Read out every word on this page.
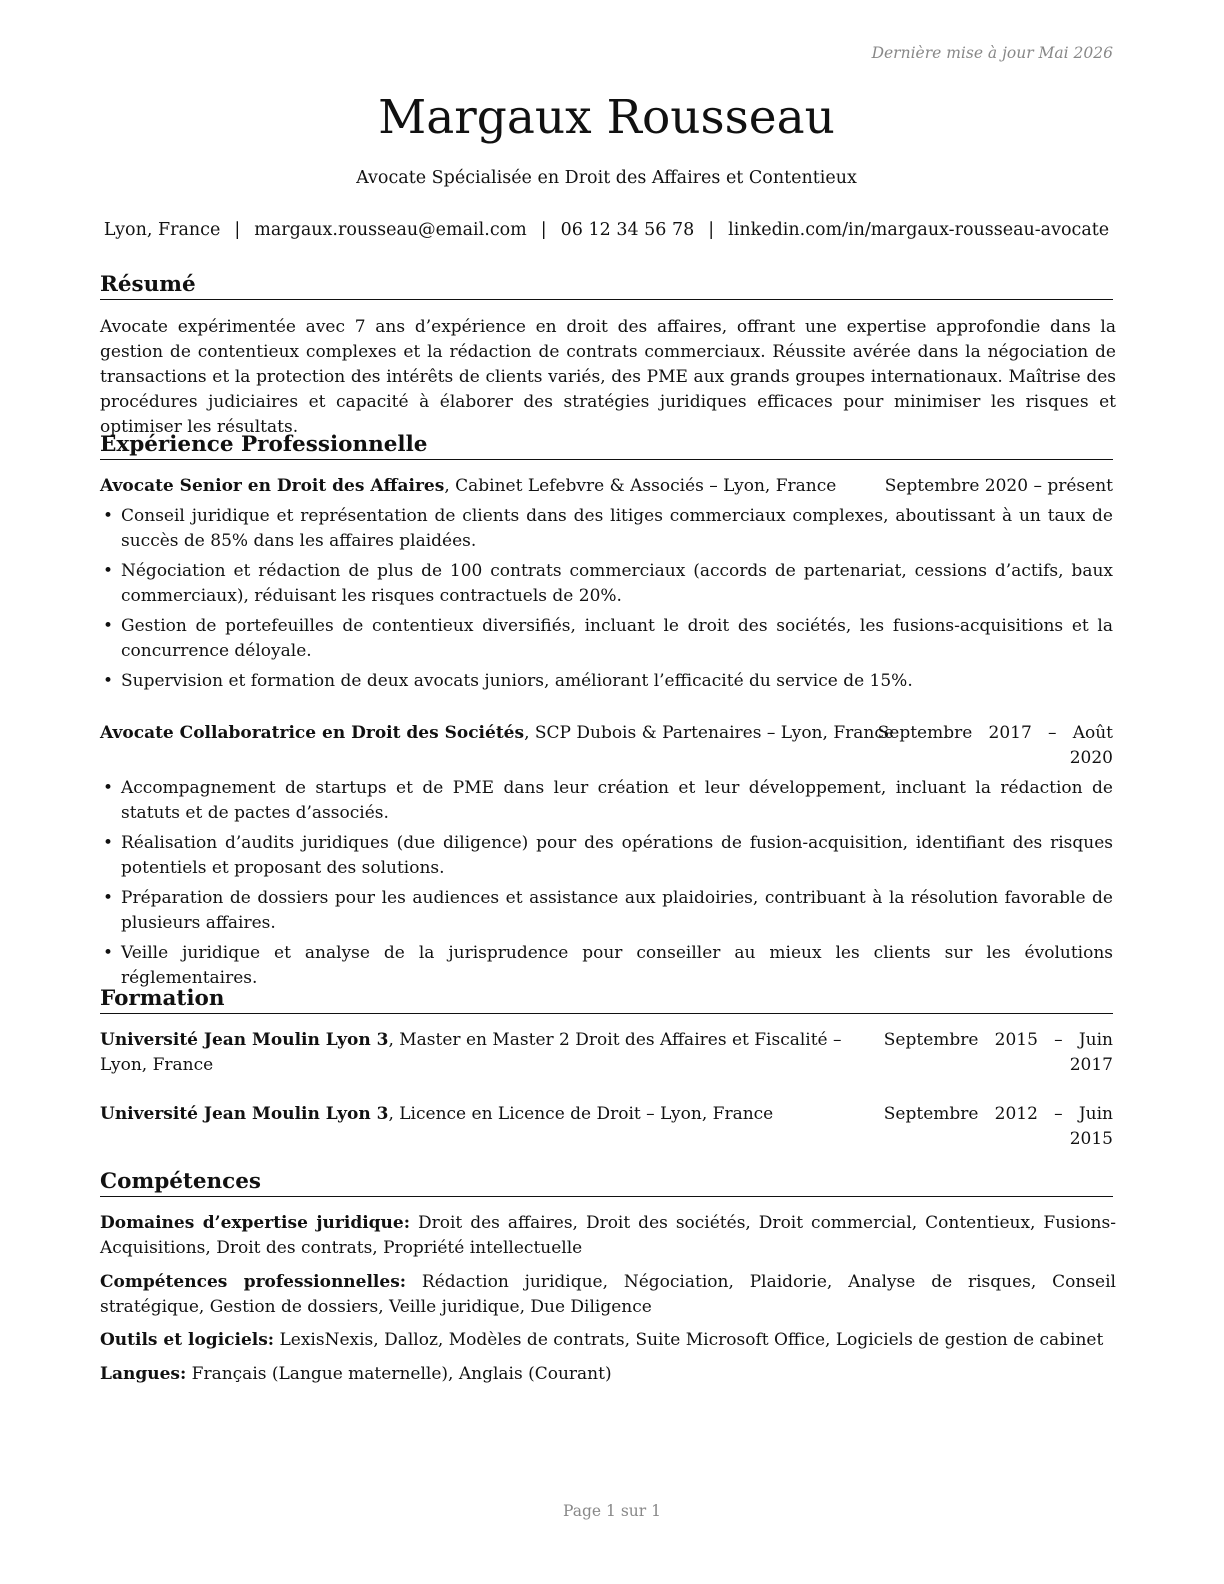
Dernière mise à jour Mai 2026
Margaux Rousseau
Avocate Spécialisée en Droit des Affaires et Contentieux
Lyon, France | margaux.rousseau@email.com | 06 12 34 56 78 | linkedin.com/in/margaux-rousseau-avocate
Résumé
Avocate expérimentée avec 7 ans d’expérience en droit des affaires, offrant une expertise approfondie dans la gestion de contentieux complexes et la rédaction de contrats commerciaux. Réussite avérée dans la négociation de transactions et la protection des intérêts de clients variés, des PME aux grands groupes internationaux. Maîtrise des procédures judiciaires et capacité à élaborer des stratégies juridiques efficaces pour minimiser les risques et optimiser les résultats.
Expérience Professionnelle
Avocate Senior en Droit des Affaires, Cabinet Lefebvre & Associés – Lyon, France	Septembre 2020 – présent
• Conseil juridique et représentation de clients dans des litiges commerciaux complexes, aboutissant à un taux de succès de 85% dans les affaires plaidées.
• Négociation et rédaction de plus de 100 contrats commerciaux (accords de partenariat, cessions d’actifs, baux commerciaux), réduisant les risques contractuels de 20%.
• Gestion de portefeuilles de contentieux diversifiés, incluant le droit des sociétés, les fusions-acquisitions et la concurrence déloyale.
• Supervision et formation de deux avocats juniors, améliorant l’efficacité du service de 15%.
Avocate Collaboratrice en Droit des Sociétés, SCP Dubois & Partenaires – Lyon, France
Septembre   2017   –   Août
2020
• Accompagnement de startups et de PME dans leur création et leur développement, incluant la rédaction de statuts et de pactes d’associés.
• Réalisation d’audits juridiques (due diligence) pour des opérations de fusion-acquisition, identifiant des risques potentiels et proposant des solutions.
• Préparation de dossiers pour les audiences et assistance aux plaidoiries, contribuant à la résolution favorable de plusieurs affaires.
• Veille juridique et analyse de la jurisprudence pour conseiller au mieux les clients sur les évolutions réglementaires.
Formation
Université Jean Moulin Lyon 3, Master en Master 2 Droit des Affaires et Fiscalité – Lyon, France
Septembre   2015   –   Juin
2017
Université Jean Moulin Lyon 3, Licence en Licence de Droit – Lyon, France	Septembre   2012   –   Juin
2015
Compétences
Domaines d’expertise juridique: Droit des affaires, Droit des sociétés, Droit commercial, Contentieux, Fusions-Acquisitions, Droit des contrats, Propriété intellectuelle
Compétences professionnelles: Rédaction juridique, Négociation, Plaidorie, Analyse de risques, Conseil stratégique, Gestion de dossiers, Veille juridique, Due Diligence
Outils et logiciels: LexisNexis, Dalloz, Modèles de contrats, Suite Microsoft Office, Logiciels de gestion de cabinet
Langues: Français (Langue maternelle), Anglais (Courant)
Page 1 sur 1
